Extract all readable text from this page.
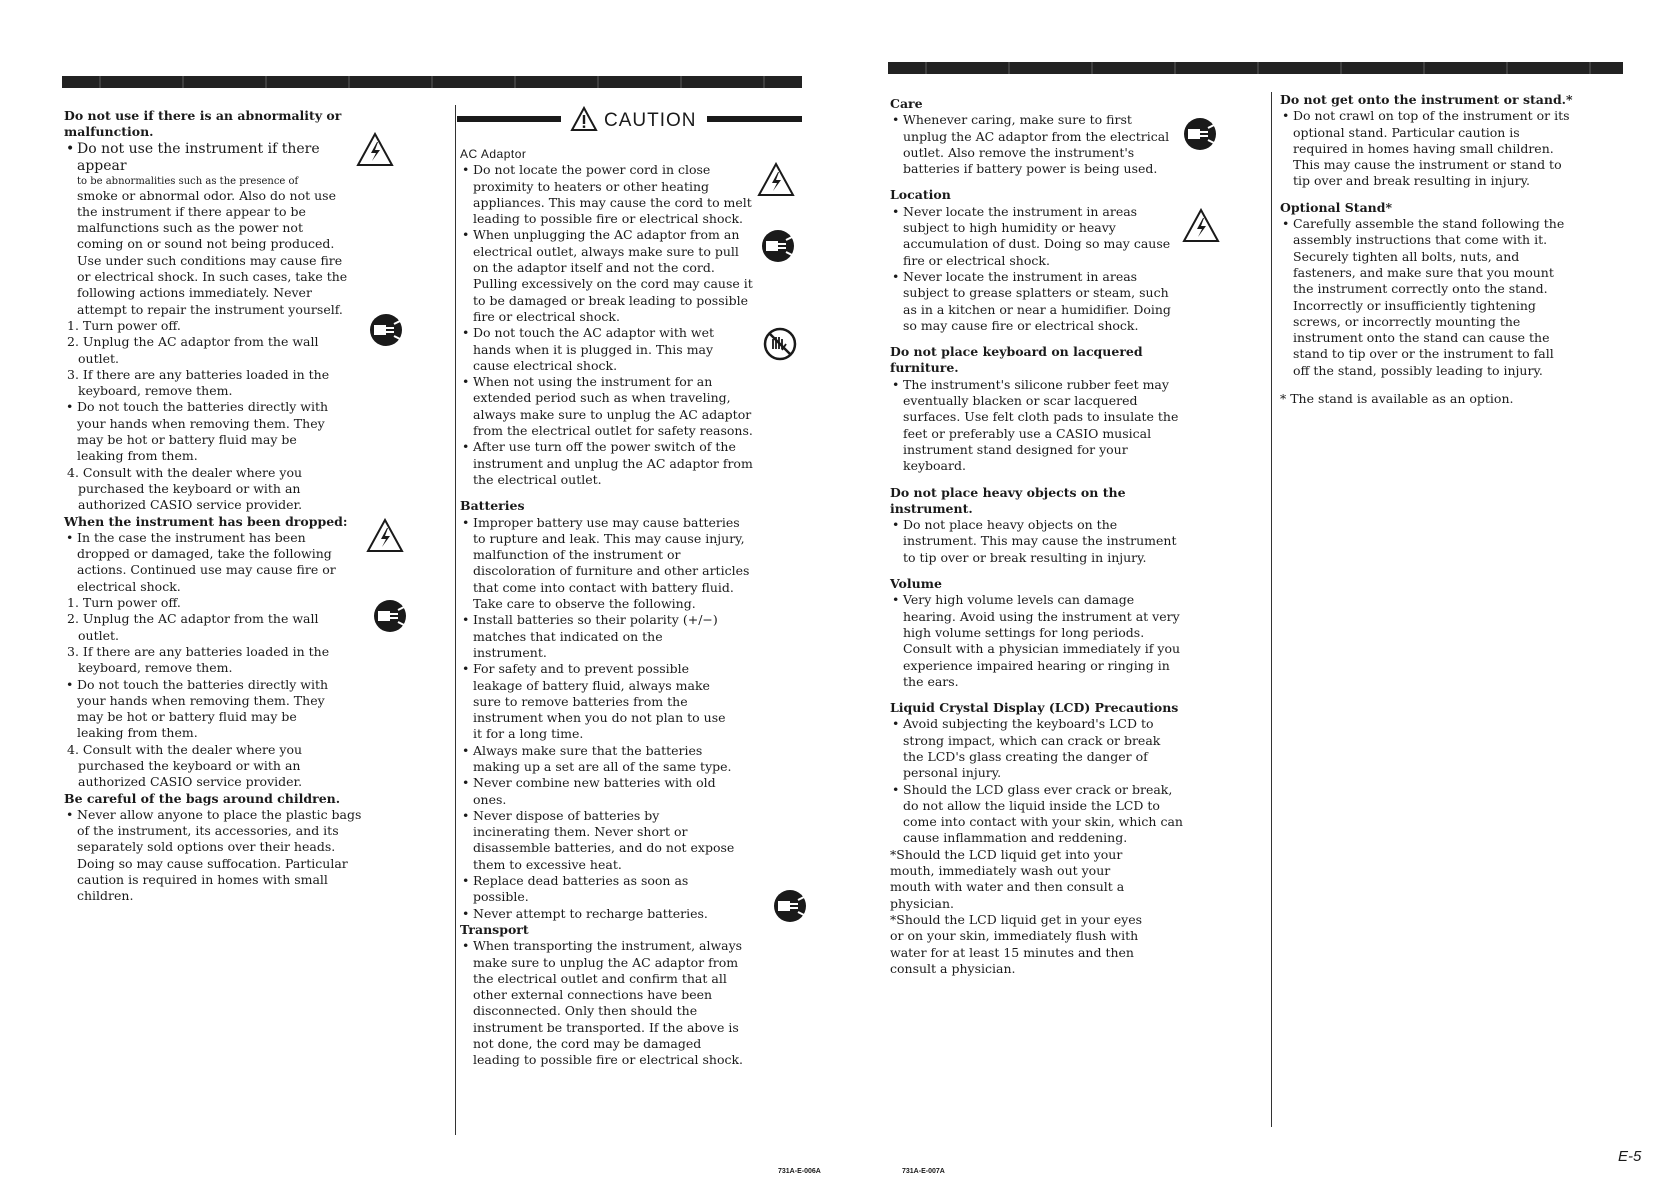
CAUTION

Do not use if there is an abnormality or malfunction.

• Do not use the instrument if there appear

to be abnormalities such as the presence of

smoke or abnormal odor. Also do not use the instrument if there appear to be malfunctions such as the power not coming on or sound not being produced. Use under such conditions may cause fire or electrical shock. In such cases, take the following actions immediately. Never attempt to repair the instrument yourself.

1. Turn power off.

2. Unplug the AC adaptor from the wall outlet.

3. If there are any batteries loaded in the keyboard, remove them.

• Do not touch the batteries directly with your hands when removing them. They may be hot or battery fluid may be leaking from them.

4. Consult with the dealer where you purchased the keyboard or with an authorized CASIO service provider.

When the instrument has been dropped:

• In the case the instrument has been dropped or damaged, take the following actions. Continued use may cause fire or electrical shock.

1. Turn power off.

2. Unplug the AC adaptor from the wall outlet.

3. If there are any batteries loaded in the keyboard, remove them.

• Do not touch the batteries directly with your hands when removing them. They may be hot or battery fluid may be leaking from them.

4. Consult with the dealer where you purchased the keyboard or with an authorized CASIO service provider.

Be careful of the bags around children.

• Never allow anyone to place the plastic bags of the instrument, its accessories, and its separately sold options over their heads. Doing so may cause suffocation. Particular caution is required in homes with small children.

AC Adaptor

• Do not locate the power cord in close proximity to heaters or other heating appliances. This may cause the cord to melt leading to possible fire or electrical shock.
• When unplugging the AC adaptor from an electrical outlet, always make sure to pull on the adaptor itself and not the cord. Pulling excessively on the cord may cause it to be damaged or break leading to possible fire or electrical shock.
• Do not touch the AC adaptor with wet hands when it is plugged in. This may cause electrical shock.
• When not using the instrument for an extended period such as when traveling, always make sure to unplug the AC adaptor from the electrical outlet for safety reasons.
• After use turn off the power switch of the instrument and unplug the AC adaptor from the electrical outlet.

Batteries

• Improper battery use may cause batteries to rupture and leak. This may cause injury, malfunction of the instrument or discoloration of furniture and other articles that come into contact with battery fluid. Take care to observe the following.

• Install batteries so their polarity (+/−) matches that indicated on the instrument.

• For safety and to prevent possible leakage of battery fluid, always make sure to remove batteries from the instrument when you do not plan to use it for a long time.

• Always make sure that the batteries making up a set are all of the same type.

• Never combine new batteries with old ones.

• Never dispose of batteries by incinerating them. Never short or disassemble batteries, and do not expose them to excessive heat.

• Replace dead batteries as soon as possible.

• Never attempt to recharge batteries.

Transport

• When transporting the instrument, always make sure to unplug the AC adaptor from the electrical outlet and confirm that all other external connections have been disconnected. Only then should the instrument be transported. If the above is not done, the cord may be damaged leading to possible fire or electrical shock.

Care

• Whenever caring, make sure to first unplug the AC adaptor from the electrical outlet. Also remove the instrument's batteries if battery power is being used.

Location

• Never locate the instrument in areas subject to high humidity or heavy accumulation of dust. Doing so may cause fire or electrical shock.
• Never locate the instrument in areas subject to grease splatters or steam, such as in a kitchen or near a humidifier. Doing so may cause fire or electrical shock.

Do not place keyboard on lacquered furniture.

• The instrument's silicone rubber feet may eventually blacken or scar lacquered surfaces. Use felt cloth pads to insulate the feet or preferably use a CASIO musical instrument stand designed for your keyboard.

Do not place heavy objects on the instrument.

• Do not place heavy objects on the instrument. This may cause the instrument to tip over or break resulting in injury.

Volume

• Very high volume levels can damage hearing. Avoid using the instrument at very high volume settings for long periods. Consult with a physician immediately if you experience impaired hearing or ringing in the ears.

Liquid Crystal Display (LCD) Precautions

• Avoid subjecting the keyboard's LCD to strong impact, which can crack or break the LCD's glass creating the danger of personal injury.
• Should the LCD glass ever crack or break, do not allow the liquid inside the LCD to come into contact with your skin, which can cause inflammation and reddening.

*Should the LCD liquid get into your mouth, immediately wash out your mouth with water and then consult a physician.

*Should the LCD liquid get in your eyes or on your skin, immediately flush with water for at least 15 minutes and then consult a physician.

Do not get onto the instrument or stand.*

• Do not crawl on top of the instrument or its optional stand. Particular caution is required in homes having small children. This may cause the instrument or stand to tip over and break resulting in injury.

Optional Stand*

• Carefully assemble the stand following the assembly instructions that come with it. Securely tighten all bolts, nuts, and fasteners, and make sure that you mount the instrument correctly onto the stand. Incorrectly or insufficiently tightening screws, or incorrectly mounting the instrument onto the stand can cause the stand to tip over or the instrument to fall off the stand, possibly leading to injury.

* The stand is available as an option.

731A-E-006A	731A-E-007A
E-5
